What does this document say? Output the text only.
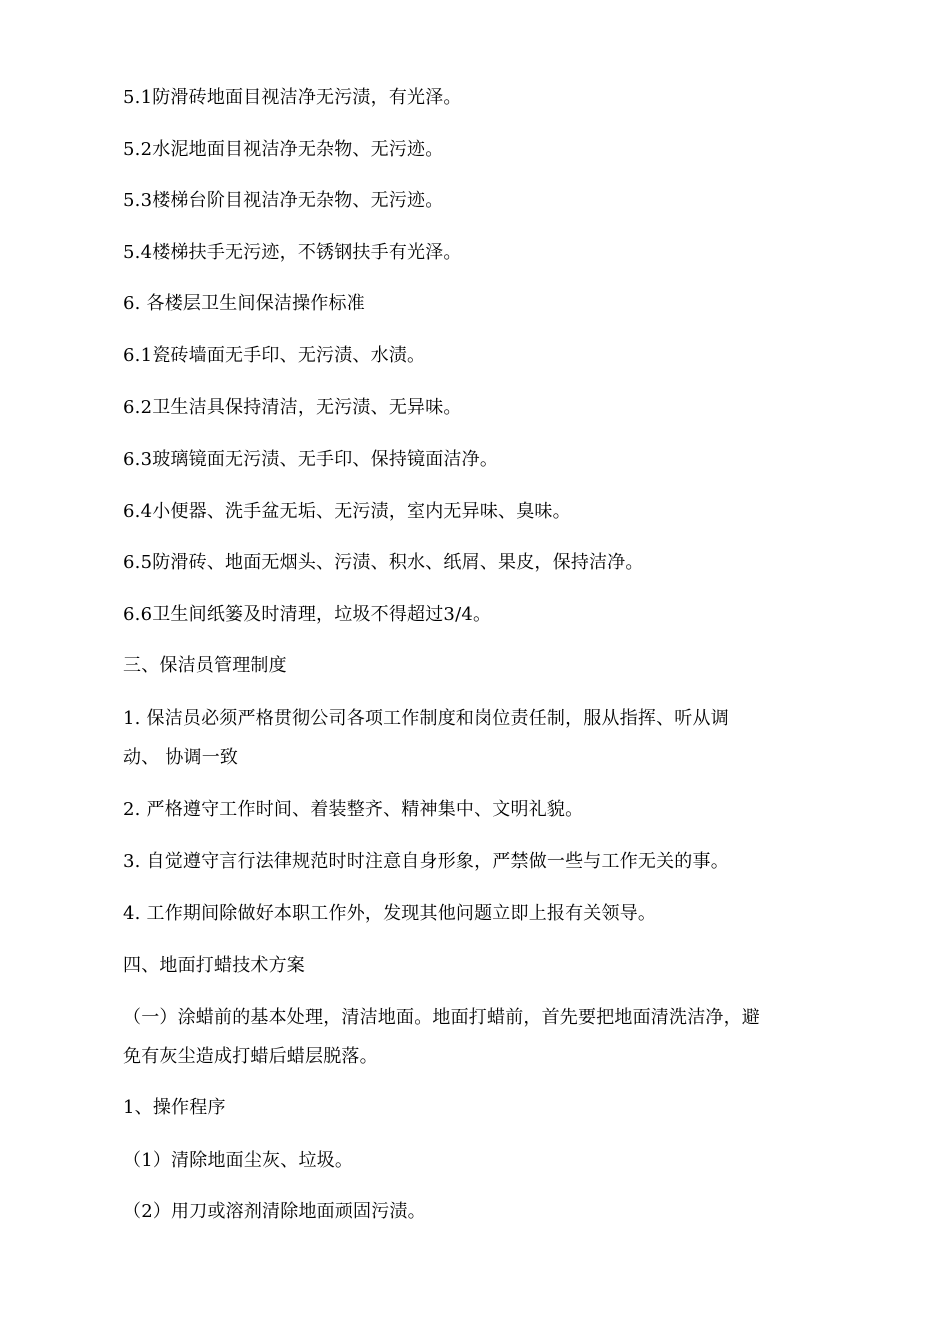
5.1防滑砖地面目视洁净无污渍，有光泽。
5.2水泥地面目视洁净无杂物、无污迹。
5.3楼梯台阶目视洁净无杂物、无污迹。
5.4楼梯扶手无污迹，不锈钢扶手有光泽。
6. 各楼层卫生间保洁操作标准
6.1瓷砖墙面无手印、无污渍、水渍。
6.2卫生洁具保持清洁，无污渍、无异味。
6.3玻璃镜面无污渍、无手印、保持镜面洁净。
6.4小便器、洗手盆无垢、无污渍，室内无异味、臭味。
6.5防滑砖、地面无烟头、污渍、积水、纸屑、果皮，保持洁净。
6.6卫生间纸篓及时清理，垃圾不得超过3/4。
三、保洁员管理制度
1. 保洁员必须严格贯彻公司各项工作制度和岗位责任制，服从指挥、听从调
动、 协调一致
2. 严格遵守工作时间、着装整齐、精神集中、文明礼貌。
3. 自觉遵守言行法律规范时时注意自身形象，严禁做一些与工作无关的事。
4. 工作期间除做好本职工作外，发现其他问题立即上报有关领导。
四、地面打蜡技术方案
（一）涂蜡前的基本处理，清洁地面。地面打蜡前，首先要把地面清洗洁净，避
免有灰尘造成打蜡后蜡层脱落。
1、操作程序
（1）清除地面尘灰、垃圾。
（2）用刀或溶剂清除地面顽固污渍。
